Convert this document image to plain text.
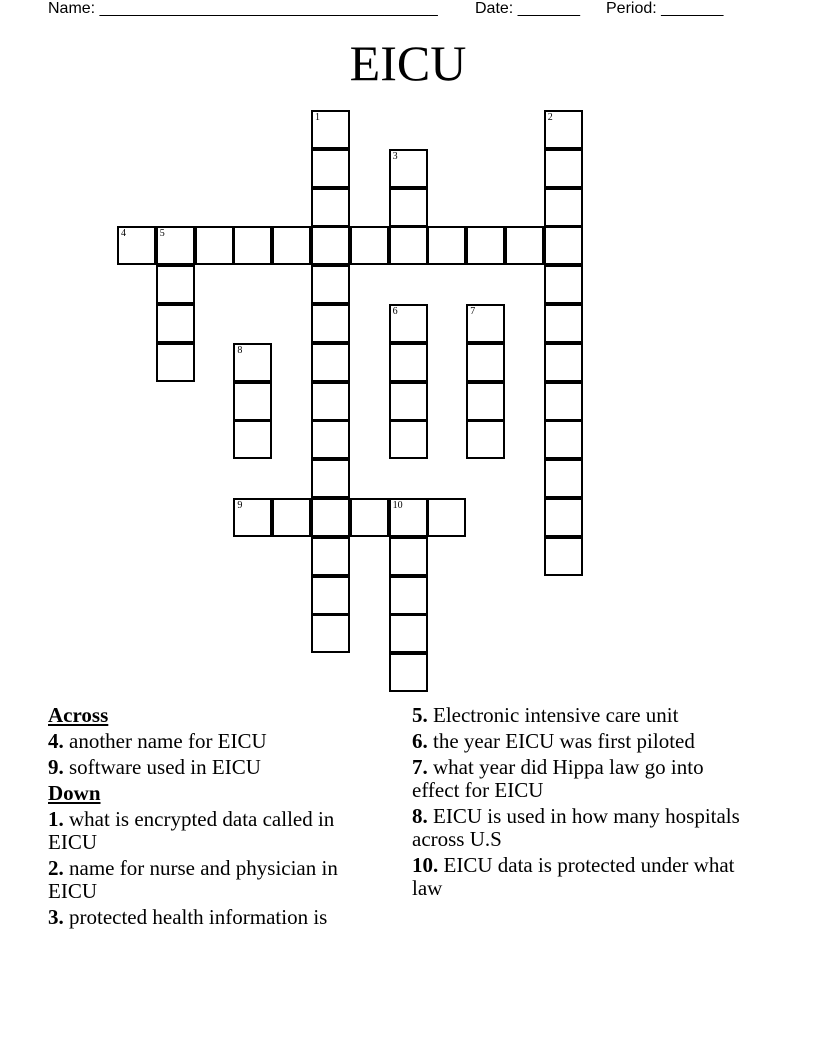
Name: ______________________________________ Date: _______ Period: _______
EICU
1	2
3
4	5
6	7
8
9	10
Across
4. another name for EICU
9. software used in EICU
Down
1. what is encrypted data called in EICU
2. name for nurse and physician in EICU
3. protected health information is
5. Electronic intensive care unit
6. the year EICU was first piloted
7. what year did Hippa law go into effect for EICU
8. EICU is used in how many hospitals across U.S
10. EICU data is protected under what law
